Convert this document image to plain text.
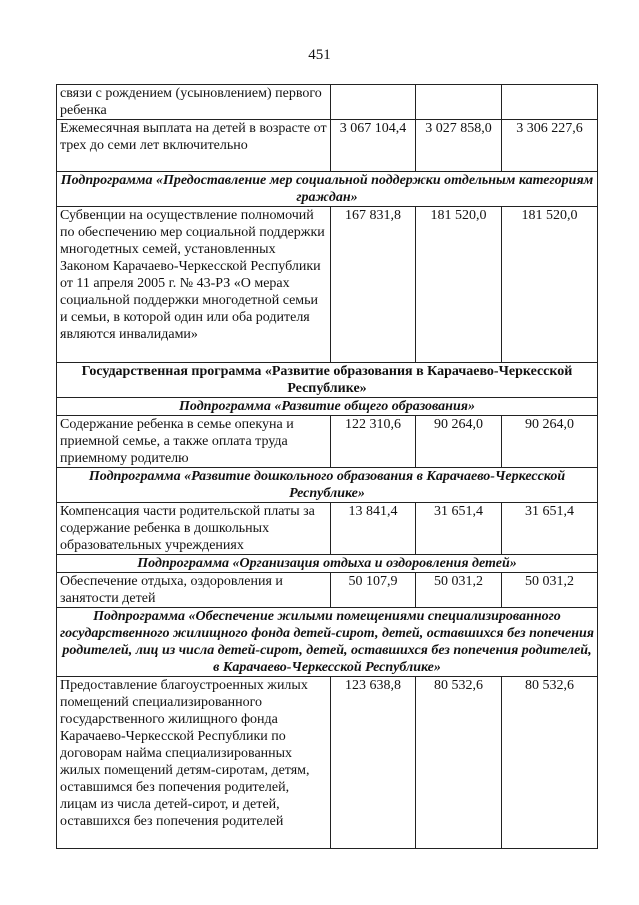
451
связи с рождением (усыновлением) первого ребенка			
Ежемесячная выплата на детей в возрасте от трех до семи лет включительно	3 067 104,4	3 027 858,0	3 306 227,6
Подпрограмма «Предоставление мер социальной поддержки отдельным категориям граждан»			
Субвенции на осуществление полномочий по обеспечению мер социальной поддержки многодетных семей, установленных Законом Карачаево-Черкесской Республики от 11 апреля 2005 г. № 43-РЗ «О мерах социальной поддержки многодетной семьи и семьи, в которой один или оба родителя являются инвалидами»	167 831,8	181 520,0	181 520,0
Государственная программа «Развитие образования в Карачаево-Черкесской Республике»			
Подпрограмма «Развитие общего образования»			
Содержание ребенка в семье опекуна и приемной семье, а также оплата труда приемному родителю	122 310,6	90 264,0	90 264,0
Подпрограмма «Развитие дошкольного образования в Карачаево-Черкесской Республике»			
Компенсация части родительской платы за содержание ребенка в дошкольных образовательных учреждениях	13 841,4	31 651,4	31 651,4
Подпрограмма «Организация отдыха и оздоровления детей»			
Обеспечение отдыха, оздоровления и занятости детей	50 107,9	50 031,2	50 031,2
Подпрограмма «Обеспечение жилыми помещениями специализированного государственного жилищного фонда детей-сирот, детей, оставшихся без попечения родителей, лиц из числа детей-сирот, детей, оставшихся без попечения родителей, в Карачаево-Черкесской Республике»			
Предоставление благоустроенных жилых помещений специализированного государственного жилищного фонда Карачаево-Черкесской Республики по договорам найма специализированных жилых помещений детям-сиротам, детям, оставшимся без попечения родителей, лицам из числа детей-сирот, и детей, оставшихся без попечения родителей	123 638,8	80 532,6	80 532,6
